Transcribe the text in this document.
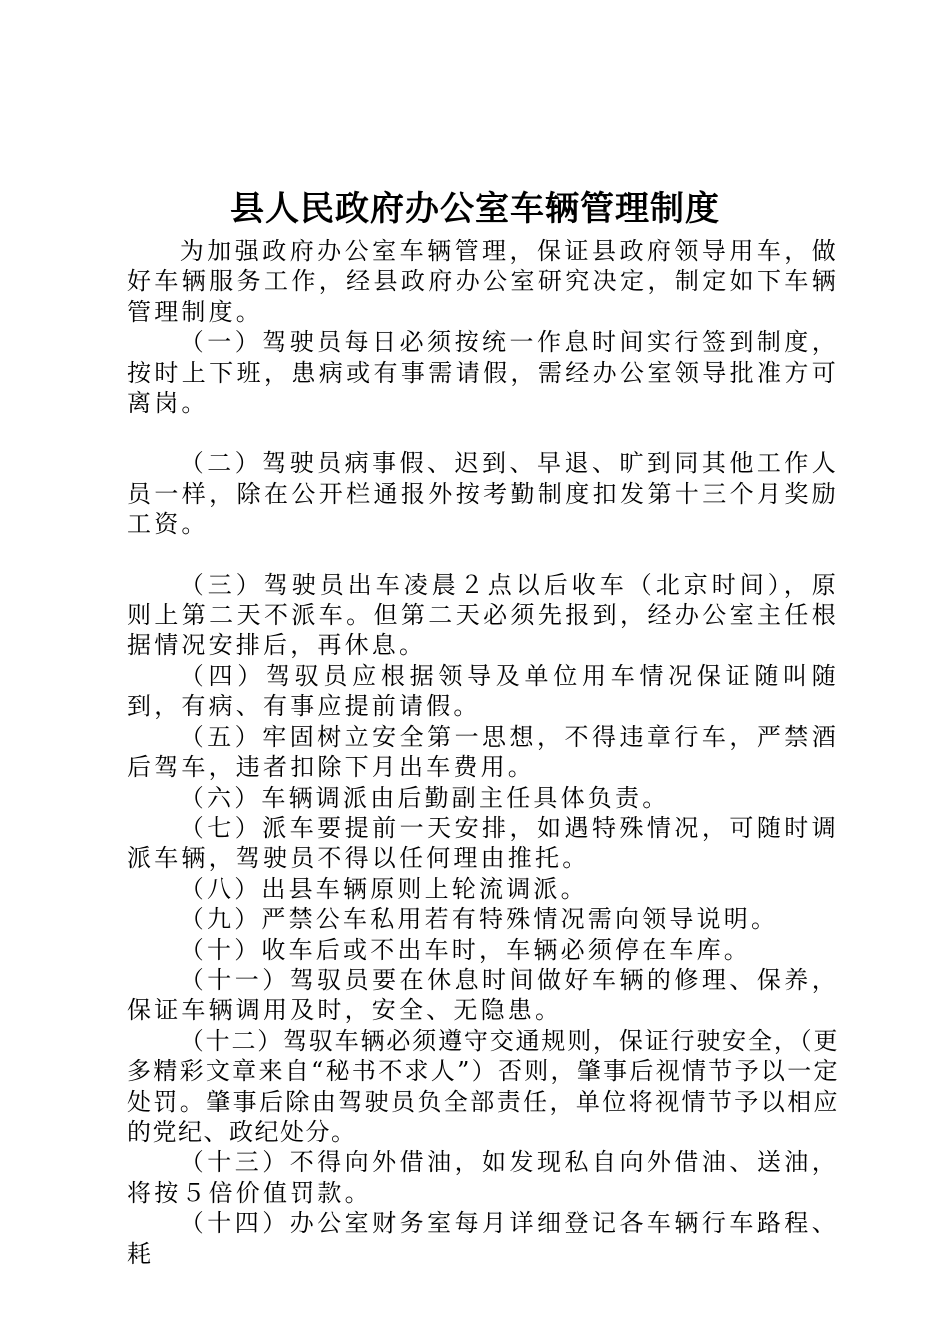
县人民政府办公室车辆管理制度

为加强政府办公室车辆管理，保证县政府领导用车，做好车辆服务工作，经县政府办公室研究决定，制定如下车辆管理制度。

（一）驾驶员每日必须按统一作息时间实行签到制度，按时上下班，患病或有事需请假，需经办公室领导批准方可离岗。

（二）驾驶员病事假、迟到、早退、旷到同其他工作人员一样，除在公开栏通报外按考勤制度扣发第十三个月奖励工资。

（三）驾驶员出车凌晨２点以后收车（北京时间），原则上第二天不派车。但第二天必须先报到，经办公室主任根据情况安排后，再休息。

（四）驾驭员应根据领导及单位用车情况保证随叫随到，有病、有事应提前请假。

（五）牢固树立安全第一思想，不得违章行车，严禁酒后驾车，违者扣除下月出车费用。

（六）车辆调派由后勤副主任具体负责。

（七）派车要提前一天安排，如遇特殊情况，可随时调派车辆，驾驶员不得以任何理由推托。

（八）出县车辆原则上轮流调派。

（九）严禁公车私用若有特殊情况需向领导说明。

（十）收车后或不出车时，车辆必须停在车库。

（十一）驾驭员要在休息时间做好车辆的修理、保养，保证车辆调用及时，安全、无隐患。

（十二）驾驭车辆必须遵守交通规则，保证行驶安全，（更多精彩文章来自“秘书不求人”）否则，肇事后视情节予以一定处罚。肇事后除由驾驶员负全部责任，单位将视情节予以相应的党纪、政纪处分。

（十三）不得向外借油，如发现私自向外借油、送油，将按５倍价值罚款。

（十四）办公室财务室每月详细登记各车辆行车路程、耗
